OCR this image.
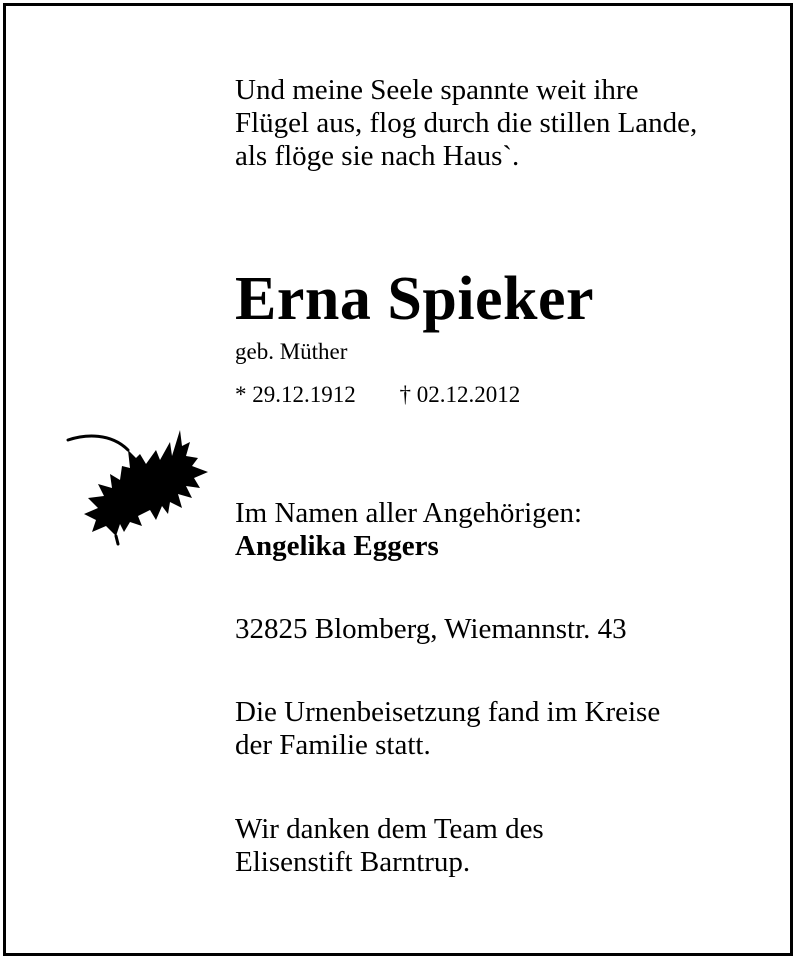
Und meine Seele spannte weit ihre
Flügel aus, flog durch die stillen Lande,
als flöge sie nach Haus`.
Erna Spieker
geb. Müther
* 29.12.1912 † 02.12.2012
Im Namen aller Angehörigen:
Angelika Eggers
32825 Blomberg, Wiemannstr. 43
Die Urnenbeisetzung fand im Kreise
der Familie statt.
Wir danken dem Team des
Elisenstift Barntrup.
